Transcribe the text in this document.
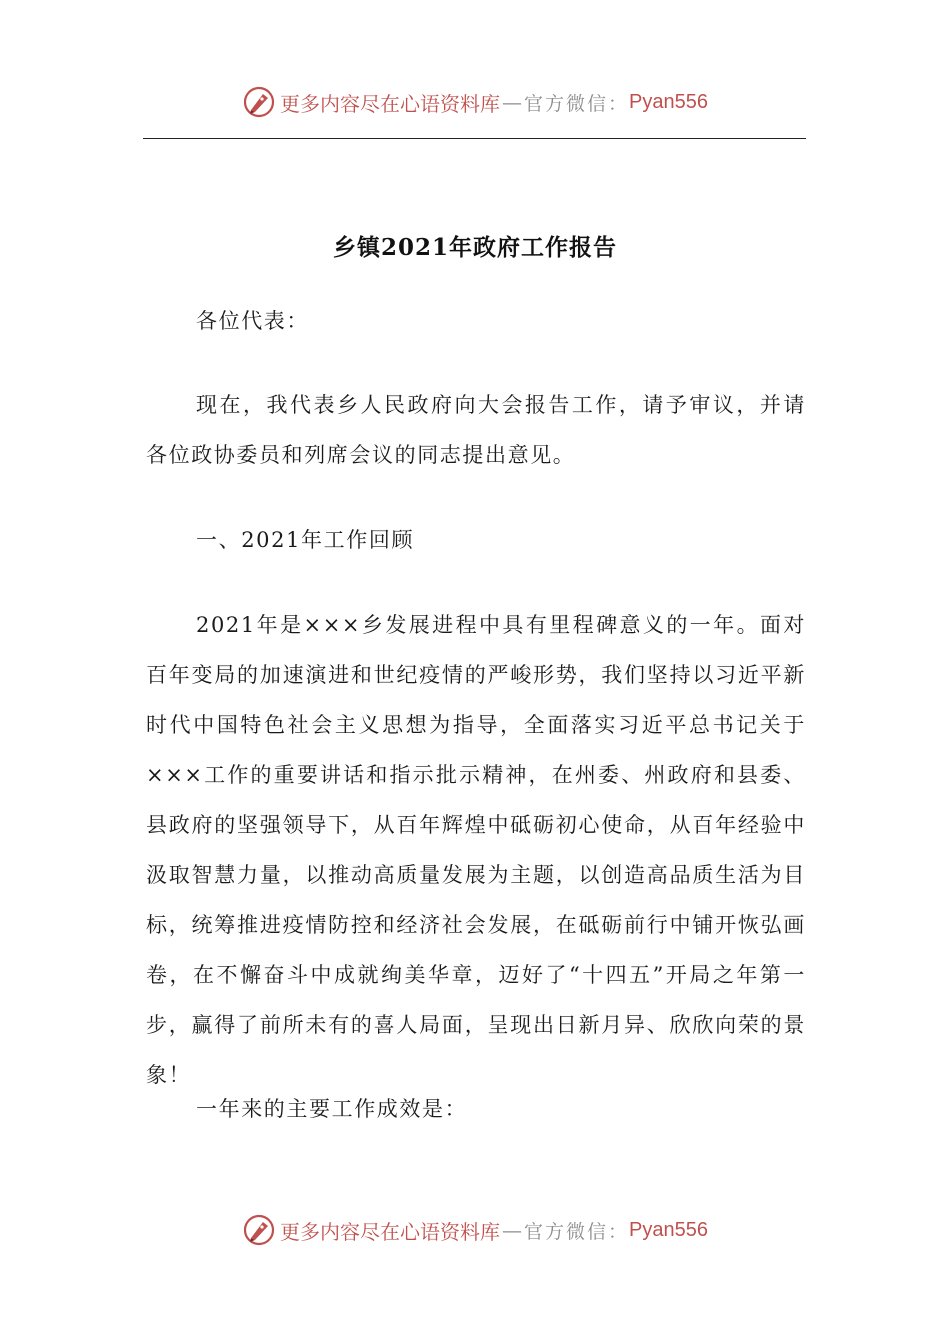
更多内容尽在心语资料库 — 官方微信： Pyan556
乡镇2021年政府工作报告

各位代表：

现在，我代表乡人民政府向大会报告工作，请予审议，并请各位政协委员和列席会议的同志提出意见。

一、2021年工作回顾

2021年是×××乡发展进程中具有里程碑意义的一年。面对百年变局的加速演进和世纪疫情的严峻形势，我们坚持以习近平新时代中国特色社会主义思想为指导，全面落实习近平总书记关于×××工作的重要讲话和指示批示精神，在州委、州政府和县委、县政府的坚强领导下，从百年辉煌中砥砺初心使命，从百年经验中汲取智慧力量，以推动高质量发展为主题，以创造高品质生活为目标，统筹推进疫情防控和经济社会发展，在砥砺前行中铺开恢弘画卷，在不懈奋斗中成就绚美华章，迈好了“十四五”开局之年第一步，赢得了前所未有的喜人局面，呈现出日新月异、欣欣向荣的景象！

一年来的主要工作成效是：

更多内容尽在心语资料库 — 官方微信： Pyan556
